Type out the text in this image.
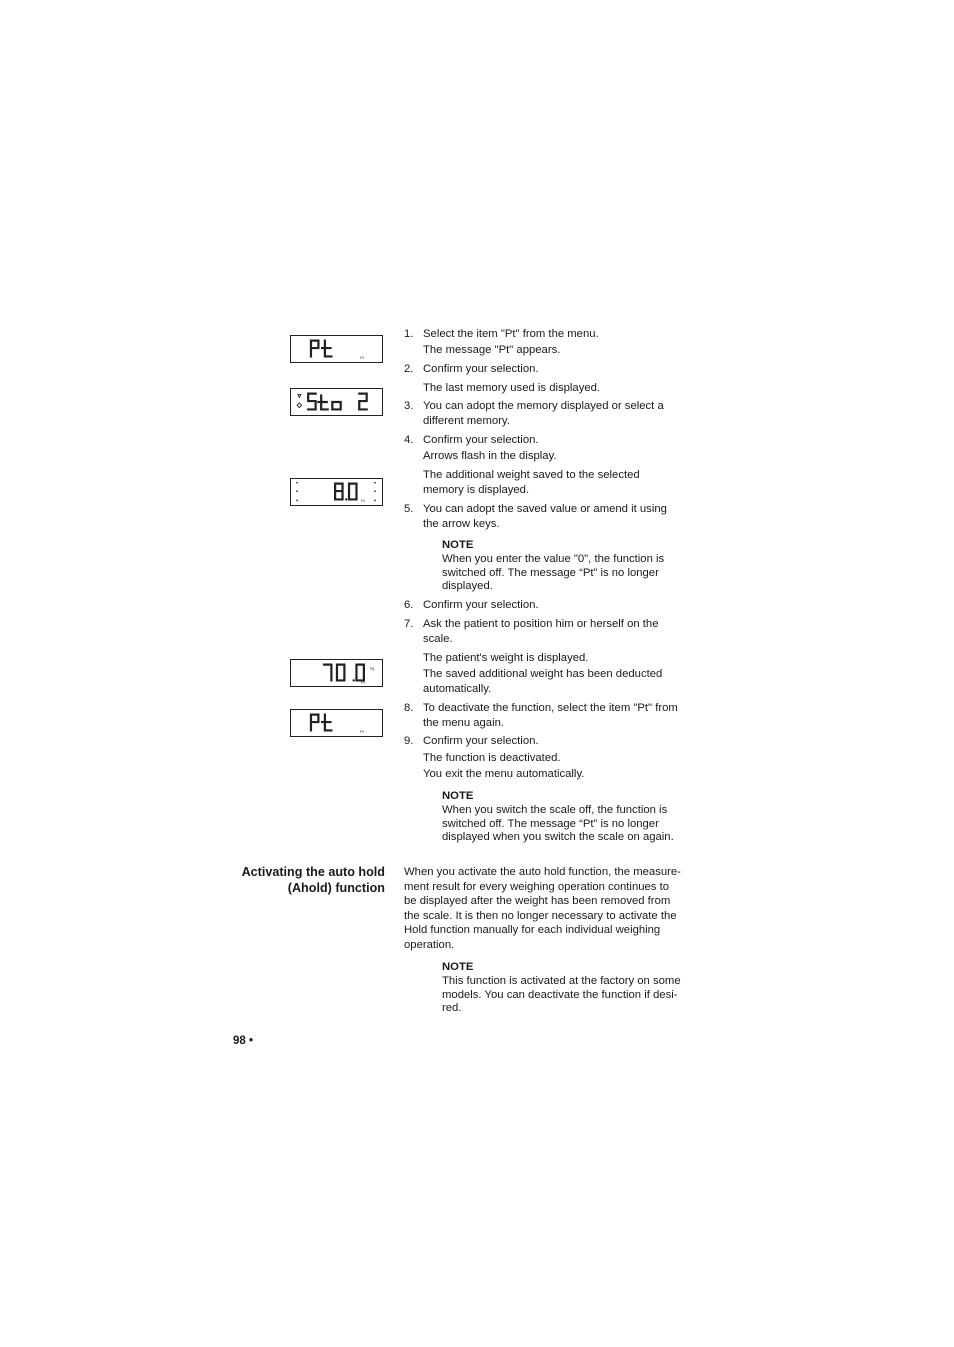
Pt
Pt
kg
Pt
Pt
1. Select the item "Pt" from the menu.
The message "Pt" appears.
2. Confirm your selection.
The last memory used is displayed.
3. You can adopt the memory displayed or select a
different memory.
4. Confirm your selection.
Arrows flash in the display.
The additional weight saved to the selected
memory is displayed.
5. You can adopt the saved value or amend it using
the arrow keys.
NOTE
When you enter the value "0", the function is
switched off. The message “Pt” is no longer
displayed.
6. Confirm your selection.
7. Ask the patient to position him or herself on the
scale.
The patient's weight is displayed.
The saved additional weight has been deducted
automatically.
8. To deactivate the function, select the item "Pt" from
the menu again.
9. Confirm your selection.
The function is deactivated.
You exit the menu automatically.
NOTE
When you switch the scale off, the function is
switched off. The message “Pt” is no longer
displayed when you switch the scale on again.
Activating the auto hold
(Ahold) function
When you activate the auto hold function, the measure-
ment result for every weighing operation continues to
be displayed after the weight has been removed from
the scale. It is then no longer necessary to activate the
Hold function manually for each individual weighing
operation.
NOTE
This function is activated at the factory on some
models. You can deactivate the function if desi-
red.
98 •
